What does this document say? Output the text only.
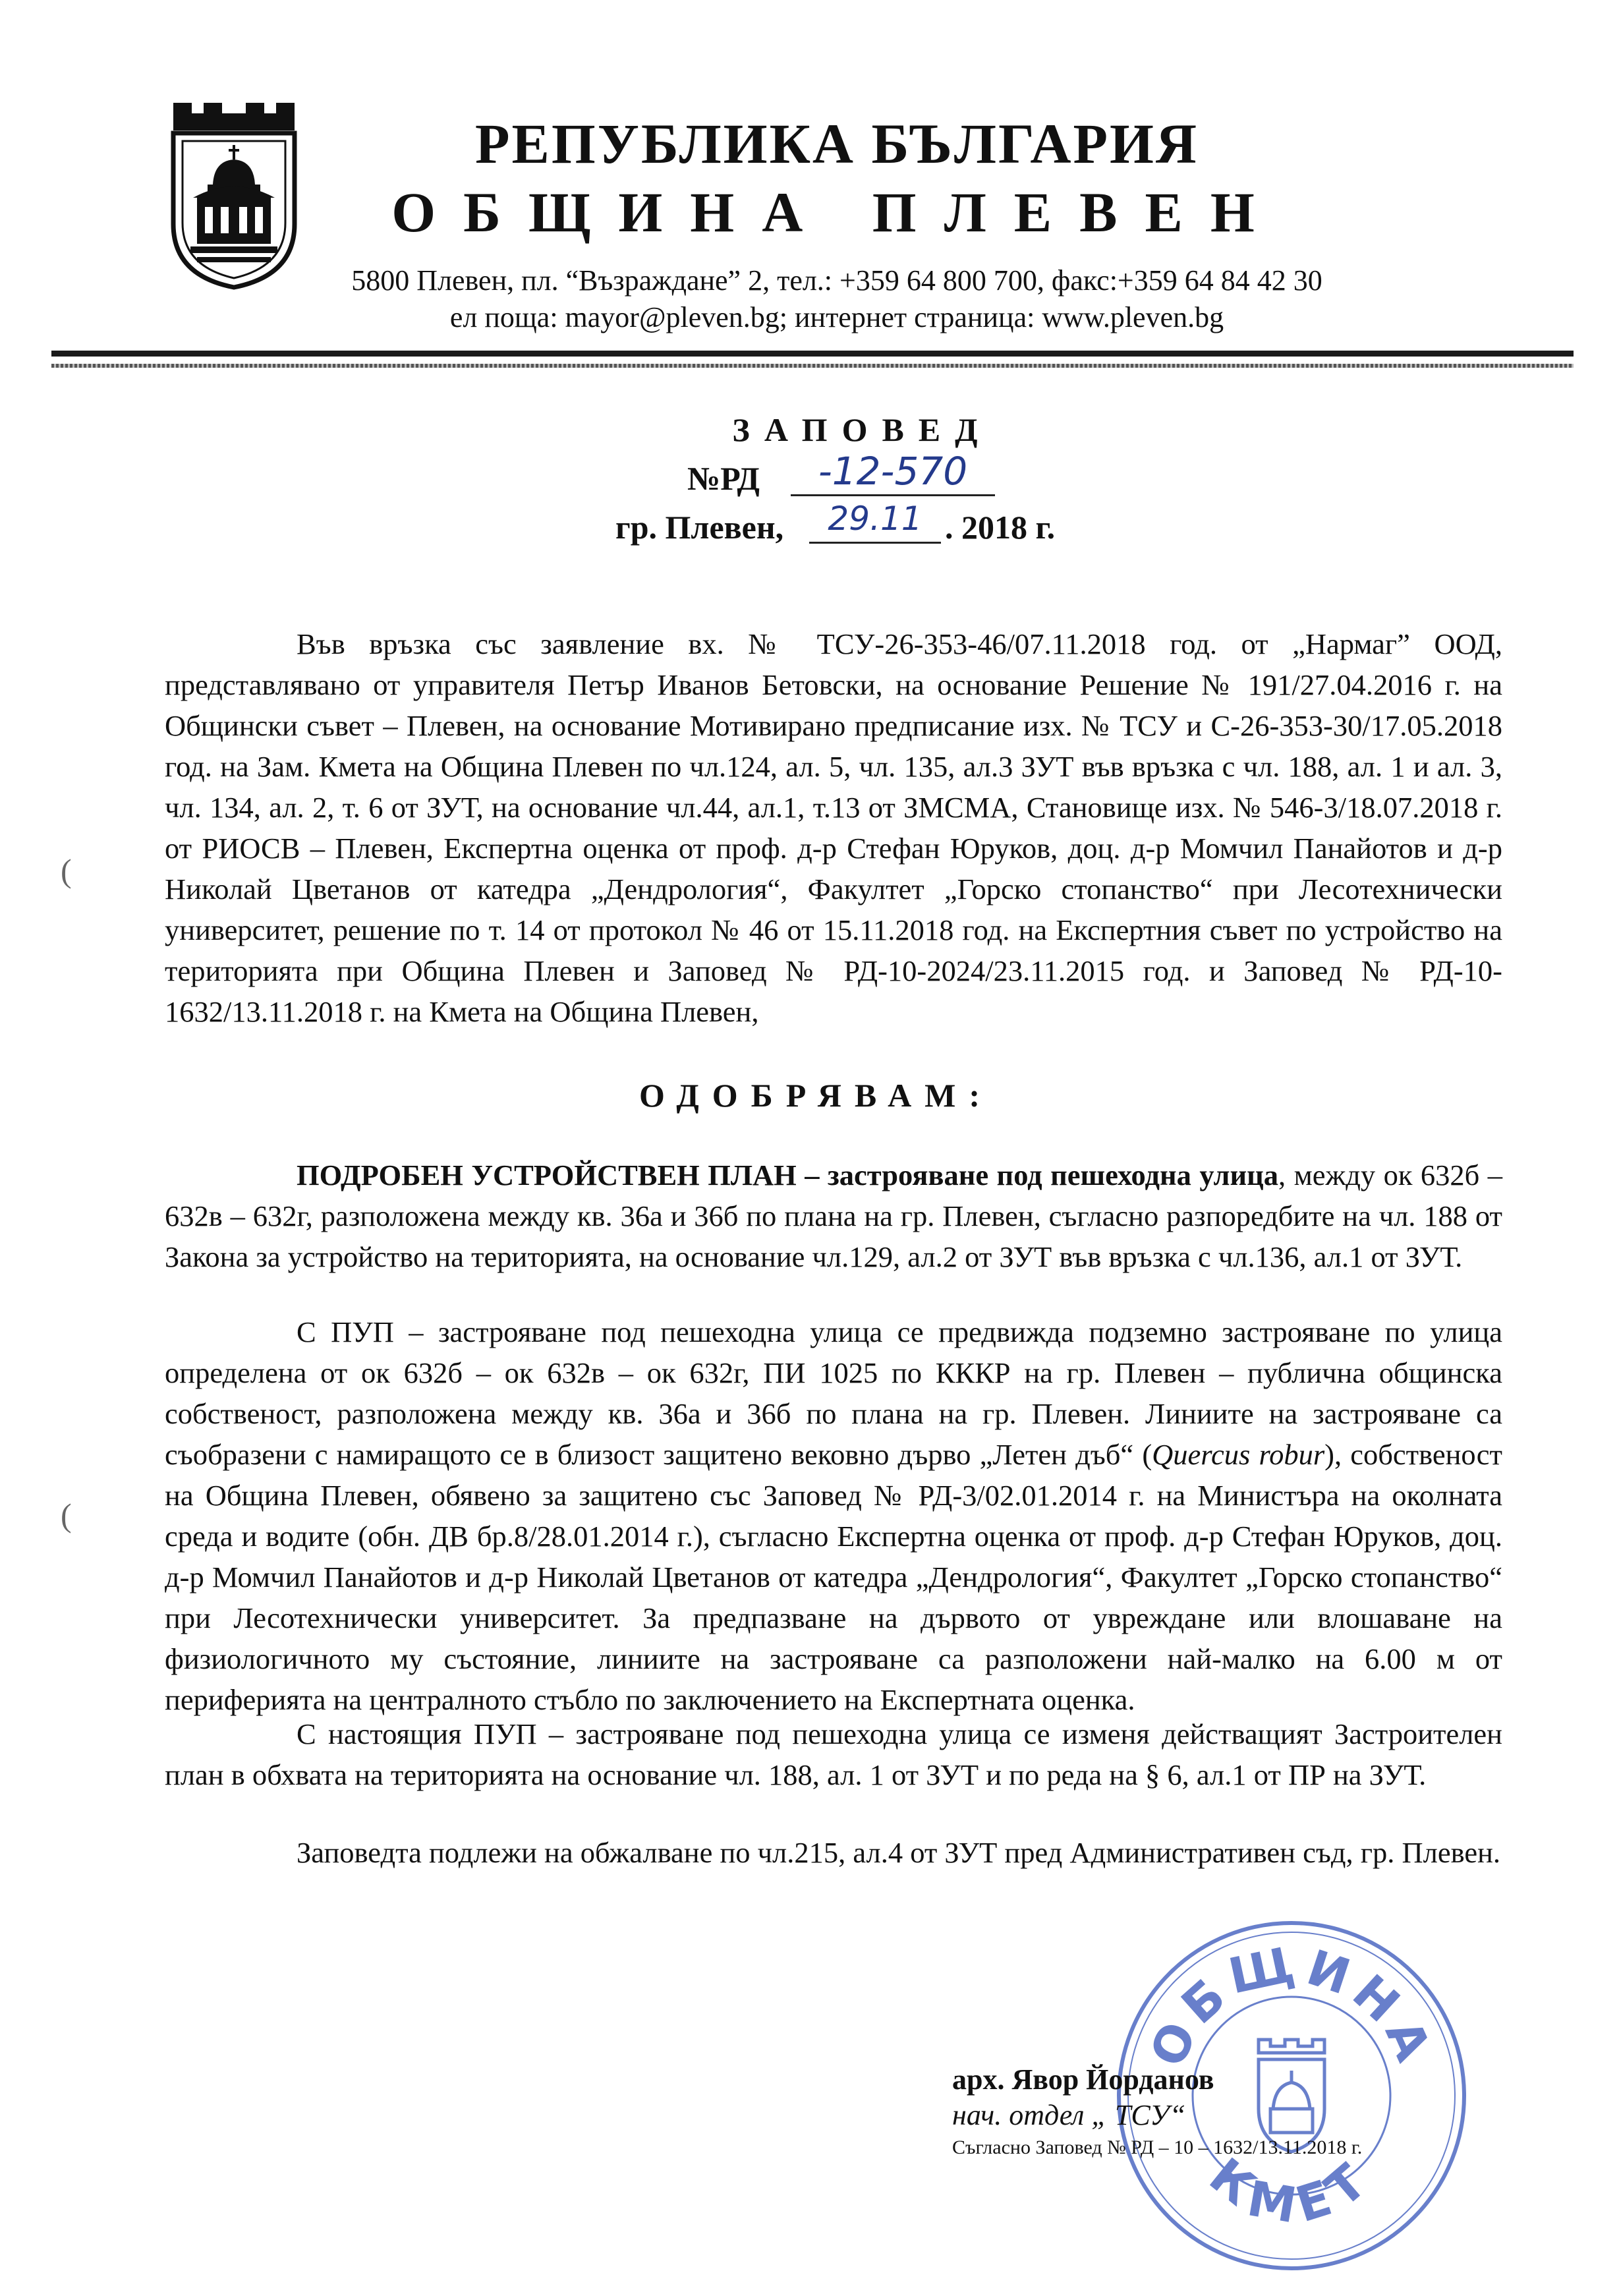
РЕПУБЛИКА БЪЛГАРИЯ
ОБЩИНА ПЛЕВЕН
5800 Плевен, пл. “Възраждане” 2, тел.: +359 64 800 700, факс:+359 64 84 42 30
ел поща: mayor@pleven.bg; интернет страница: www.pleven.bg
ЗАПОВЕД
№РД	-12-570
гр. Плевен,	29.11 . 2018 г.

Във връзка със заявление вх. № ТСУ-26-353-46/07.11.2018 год. от „Нармаг” ООД, представлявано от управителя Петър Иванов Бетовски, на основание Решение № 191/27.04.2016 г. на Общински съвет – Плевен, на основание Мотивирано предписание изх. № ТСУ и С-26-353-30/17.05.2018 год. на Зам. Кмета на Община Плевен по чл.124, ал. 5, чл. 135, ал.3 ЗУТ във връзка с чл. 188, ал. 1 и ал. 3, чл. 134, ал. 2, т. 6 от ЗУТ, на основание чл.44, ал.1, т.13 от ЗМСМА, Становище изх. № 546-3/18.07.2018 г. от РИОСВ – Плевен, Експертна оценка от проф. д-р Стефан Юруков, доц. д-р Момчил Панайотов и д-р Николай Цветанов от катедра „Дендрология“, Факултет „Горско стопанство“ при Лесотехнически университет, решение по т. 14 от протокол № 46 от 15.11.2018 год. на Експертния съвет по устройство на територията при Община Плевен и Заповед № РД-10-2024/23.11.2015 год. и Заповед № РД-10-1632/13.11.2018 г. на Кмета на Община Плевен,

(
(
ОДОБРЯВАМ:

ПОДРОБЕН УСТРОЙСТВЕН ПЛАН – застрояване под пешеходна улица, между ок 632б – 632в – 632г, разположена между кв. 36а и 36б по плана на гр. Плевен, съгласно разпоредбите на чл. 188 от Закона за устройство на територията, на основание чл.129, ал.2 от ЗУТ във връзка с чл.136, ал.1 от ЗУТ.

С ПУП – застрояване под пешеходна улица се предвижда подземно застрояване по улица определена от ок 632б – ок 632в – ок 632г, ПИ 1025 по КККР на гр. Плевен – публична общинска собственост, разположена между кв. 36а и 36б по плана на гр. Плевен. Линиите на застрояване са съобразени с намиращото се в близост защитено вековно дърво „Летен дъб“ (Quercus robur), собственост на Община Плевен, обявено за защитено със Заповед № РД-3/02.01.2014 г. на Министъра на околната среда и водите (обн. ДВ бр.8/28.01.2014 г.), съгласно Експертна оценка от проф. д-р Стефан Юруков, доц. д-р Момчил Панайотов и д-р Николай Цветанов от катедра „Дендрология“, Факултет „Горско стопанство“ при Лесотехнически университет. За предпазване на дървото от увреждане или влошаване на физиологичното му състояние, линиите на застрояване са разположени най-малко на 6.00 м от периферията на централното стъбло по заключението на Експертната оценка.

С настоящия ПУП – застрояване под пешеходна улица се изменя действащият Застроителен план в обхвата на територията на основание чл. 188, ал. 1 от ЗУТ и по реда на § 6, ал.1 от ПР на ЗУТ.

Заповедта подлежи на обжалване по чл.215, ал.4 от ЗУТ пред Административен съд, гр. Плевен.

ОБЩИНА
КМЕТ
арх. Явор Йорданов
нач. отдел „ ТСУ“
Съгласно Заповед № РД – 10 – 1632/13.11.2018 г.
